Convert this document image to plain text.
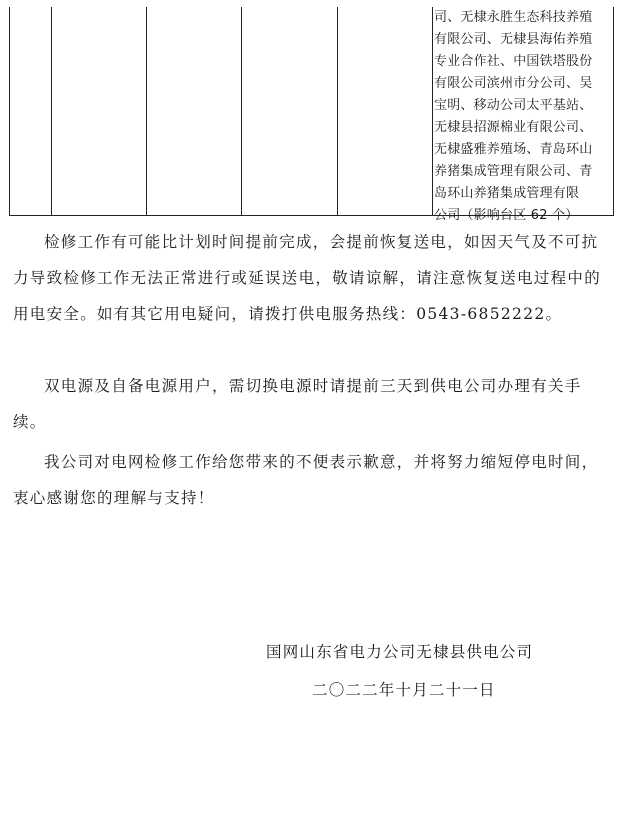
司、无棣永胜生态科技养殖
有限公司、无棣县海佑养殖
专业合作社、中国铁塔股份
有限公司滨州市分公司、吴
宝明、移动公司太平基站、
无棣县招源棉业有限公司、
无棣盛雅养殖场、青岛环山
养猪集成管理有限公司、青
岛环山养猪集成管理有限
公司（影响台区 62 个）

检修工作有可能比计划时间提前完成，会提前恢复送电，如因天气及不可抗力导致检修工作无法正常进行或延误送电，敬请谅解，请注意恢复送电过程中的用电安全。如有其它用电疑问，请拨打供电服务热线：0543-6852222。

双电源及自备电源用户，需切换电源时请提前三天到供电公司办理有关手续。

我公司对电网检修工作给您带来的不便表示歉意，并将努力缩短停电时间，衷心感谢您的理解与支持！

国网山东省电力公司无棣县供电公司
二〇二二年十月二十一日
